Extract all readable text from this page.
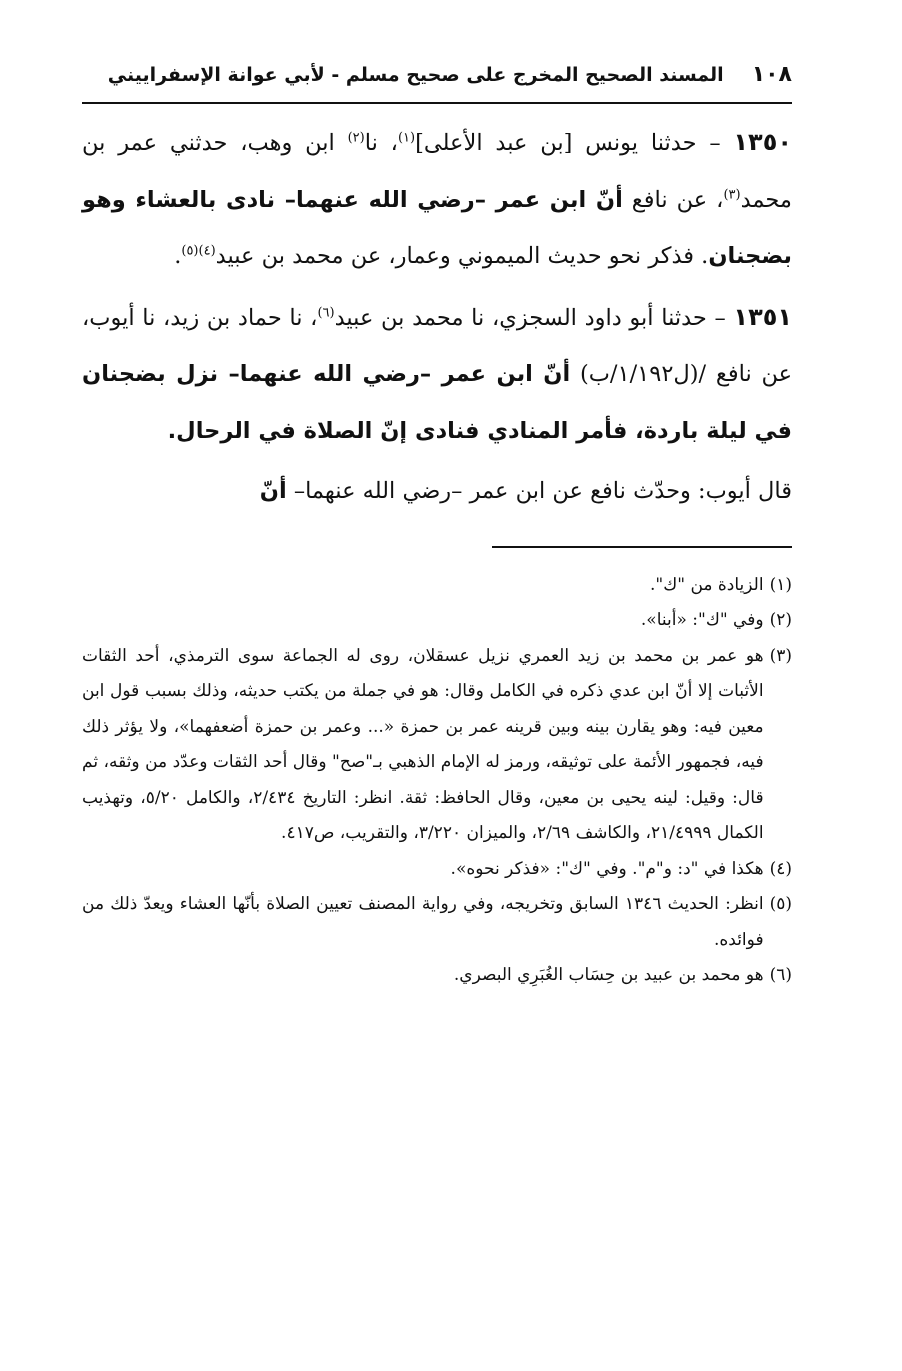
١٠٨
المسند الصحيح المخرج على صحيح مسلم - لأبي عوانة الإسفراييني

١٣٥٠ – حدثنا يونس [بن عبد الأعلى]$^{(١)}$، نا$^{(٢)}$ ابن وهب، حدثني عمر بن محمد$^{(٣)}$، عن نافع أنّ ابن عمر –رضي الله عنهما– نادى بالعشاء وهو بضجنان. فذكر نحو حديث الميموني وعمار، عن محمد بن عبيد$^{(٤)(٥)}$.

١٣٥١ – حدثنا أبو داود السجزي، نا محمد بن عبيد$^{(٦)}$، نا حماد بن زيد، نا أيوب، عن نافع /(ل١/١٩٢/ب) أنّ ابن عمر –رضي الله عنهما– نزل بضجنان في ليلة باردة، فأمر المنادي فنادى إنّ الصلاة في الرحال.

قال أيوب: وحدّث نافع عن ابن عمر –رضي الله عنهما– أنّ

(١)
الزيادة من "ك".
(٢)
وفي "ك": «أبنا».
(٣)
هو عمر بن محمد بن زيد العمري نزيل عسقلان، روى له الجماعة سوى الترمذي، أحد الثقات الأثبات إلا أنّ ابن عدي ذكره في الكامل وقال: هو في جملة من يكتب حديثه، وذلك بسبب قول ابن معين فيه: وهو يقارن بينه وبين قرينه عمر بن حمزة «... وعمر بن حمزة أضعفهما»، ولا يؤثر ذلك فيه، فجمهور الأئمة على توثيقه، ورمز له الإمام الذهبي بـ"صح" وقال أحد الثقات وعدّد من وثقه، ثم قال: وقيل: لينه يحيى بن معين، وقال الحافظ: ثقة. انظر: التاريخ ٢/٤٣٤، والكامل ٥/٢٠، وتهذيب الكمال ٢١/٤٩٩٩، والكاشف ٢/٦٩، والميزان ٣/٢٢٠، والتقريب، ص٤١٧.
(٤)
هكذا في "د: و"م". وفي "ك": «فذكر نحوه».
(٥)
انظر: الحديث ١٣٤٦ السابق وتخريجه، وفي رواية المصنف تعيين الصلاة بأنّها العشاء ويعدّ ذلك من فوائده.
(٦)
هو محمد بن عبيد بن حِسَاب الغُبَرِي البصري.
